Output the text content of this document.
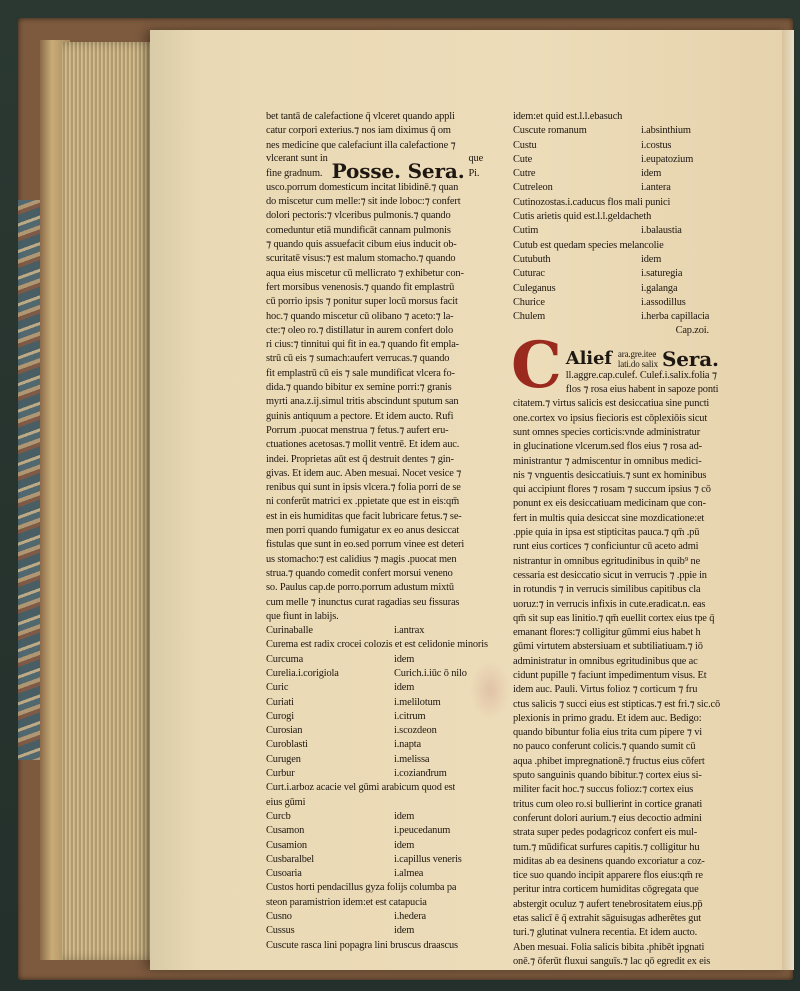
bet tantā de calefactione q̄ vlceret quando appli

catur corpori exterius.⁊ nos iam diximus q̄ om

nes medicine que calefaciunt illa calefactione ⁊

vlcerant sunt in
fine gradnum. Posse. Sera.
que
Pi.

usco.porrum domesticum incitat libidinē.⁊ quan

do miscetur cum melle:⁊ sit inde loboc:⁊ confert

dolori pectoris:⁊ vlceribus pulmonis.⁊ quando

comeduntur etiā mundificāt cannam pulmonis

⁊ quando quis assuefacit cibum eius inducit ob-

scuritatē visus:⁊ est malum stomacho.⁊ quando

aqua eius miscetur cū mellicrato ⁊ exhibetur con-

fert morsibus venenosis.⁊ quando fit emplastrū

cū porrio ipsis ⁊ ponitur super locū morsus facit

hoc.⁊ quando miscetur cū olibano ⁊ aceto:⁊ la-

cte:⁊ oleo ro.⁊ distillatur in aurem confert dolo

ri cius:⁊ tinnitui qui fit in ea.⁊ quando fit empla-

strū cū eis ⁊ sumach:aufert verrucas.⁊ quando

fit emplastrū cū eis ⁊ sale mundificat vlcera fo-

dida.⁊ quando bibitur ex semine porri:⁊ granis

myrti ana.z.ij.simul tritis abscindunt sputum san

guinis antiquum a pectore. Et idem aucto. Rufi

Porrum .puocat menstrua ⁊ fetus.⁊ aufert eru-

ctuationes acetosas.⁊ mollit ventrē. Et idem auc.

indei. Proprietas aūt est q̄ destruit dentes ⁊ gin-

givas. Et idem auc. Aben mesuai. Nocet vesice ⁊

renibus qui sunt in ipsis vlcera.⁊ folia porri de se

ni conferūt matrici ex .ppietate que est in eis:qm̄

est in eis humiditas que facit lubricare fetus.⁊ se-

men porri quando fumigatur ex eo anus desiccat

fistulas que sunt in eo.sed porrum vinee est deteri

us stomacho:⁊ est calidius ⁊ magis .puocat men

strua.⁊ quando comedit confert morsui veneno

so. Paulus cap.de porro.porrum adustum mixtū

cum melle ⁊ inunctus curat ragadias seu fissuras

que fiunt in labijs.

Curinaballe	i.antrax
Curema est radix crocei colozis et est celidonie minoris
Curcuma	idem
Curelia.i.corigiola	Curich.i.iūc ō nilo
Curic	idem
Curiati	i.melilotum
Curogi	i.citrum
Curosian	i.scozdeon
Curoblasti	i.napta
Curugen	i.melissa
Curbur	i.cozianđrum
Curt.i.arboz acacie vel gūmi arabicum quod est
eius gūmi
Curcb	idem
Cusamon	i.peucedanum
Cusamion	idem
Cusbaralbel	i.capillus veneris
Cusoaria	i.almea
Custos horti pendacillus gyza folijs columba pa
steon paramistrion idem:et est catapucia
Cusno	i.hedera
Cussus	idem
Cuscute rasca lini popagra lini bruscus draascus

idem:et quid est.l.l.ebasuch

Cuscute romanum	i.absinthium
Custu	i.costus
Cute	i.eupatozium
Cutre	idem
Cutreleon	i.antera
Cutinozostas.i.caducus flos mali punici
Cutis arietis quid est.l.l.geldacheth
Cutim	i.balaustia
Cutub est quedam species melancolie
Cutubuth	idem
Cuturac	i.saturegia
Culeganus	i.galanga
Churice	i.assodillus
Chulem	i.herba capillacia

Cap.zoi.

C Alief ara.gre.itee
lati.do salix Sera.

ll.aggre.cap.culef. Culef.i.salix.folia ⁊

flos ⁊ rosa eius habent in sapoze ponti

citatem.⁊ virtus salicis est desiccatiua sine puncti

one.cortex vo ipsius fiecioris est cōplexiōis sicut

sunt omnes species corticis:vnde administratur

in glucinatione vlcerum.sed flos eius ⁊ rosa ad-

ministrantur ⁊ admiscentur in omnibus medici-

nis ⁊ vnguentis desiccatiuis.⁊ sunt ex hominibus

qui accipiunt flores ⁊ rosam ⁊ succum ipsius ⁊ cō

ponunt ex eis desiccatiuam medicinam que con-

fert in multis quia desiccat sine mozdicatione:et

.ppie quia in ipsa est stipticitas pauca.⁊ qm̄ .pū

runt eius cortices ⁊ conficiuntur cū aceto admi

nistrantur in omnibus egritudinibus in quib⁹ ne

cessaria est desiccatio sicut in verrucis ⁊ .ppie in

in rotundis ⁊ in verrucis similibus capitibus cla

uoruz:⁊ in verrucis infixis in cute.eradicat.n. eas

qm̄ sit sup eas linitio.⁊ qm̄ euellit cortex eius tpe q̄

emanant flores:⁊ colligitur gūmmi eius habet h

gūmi virtutem abstersiuam et subtiliatiuam.⁊ iō

administratur in omnibus egritudinibus que ac

cidunt pupille ⁊ faciunt impedimentum visus. Et

idem auc. Pauli. Virtus folioz ⁊ corticum ⁊ fru

ctus salicis ⁊ succi eius est stipticas.⁊ est fri.⁊ sic.cō

plexionis in primo gradu. Et idem auc. Bedigo:

quando bibuntur folia eius trita cum pipere ⁊ vi

no pauco conferunt colicis.⁊ quando sumit cū

aqua .phibet impregnationē.⁊ fructus eius cōfert

sputo sanguinis quando bibitur.⁊ cortex eius si-

militer facit hoc.⁊ succus folioz:⁊ cortex eius

tritus cum oleo ro.si bullierint in cortice granati

conferunt dolori aurium.⁊ eius decoctio admini

strata super pedes podagricoz confert eis mul-

tum.⁊ mūdificat surfures capitis.⁊ colligitur hu

miditas ab ea desinens quando excoriatur a coz-

tice suo quando incipit apparere flos eius:qm̄ re

peritur intra corticem humiditas cōgregata que

abstergit oculuz ⁊ aufert tenebrositatem eius.pp̄

etas salicī ē q̄ extrahit sāguisugas adherētes gut

turi.⁊ glutinat vulnera recentia. Et idem aucto.

Aben mesuai. Folia salicis bibita .phibēt ipgnati

onē.⁊ ōferūt fluxui sanguīs.⁊ lac qō egredit ex eis
